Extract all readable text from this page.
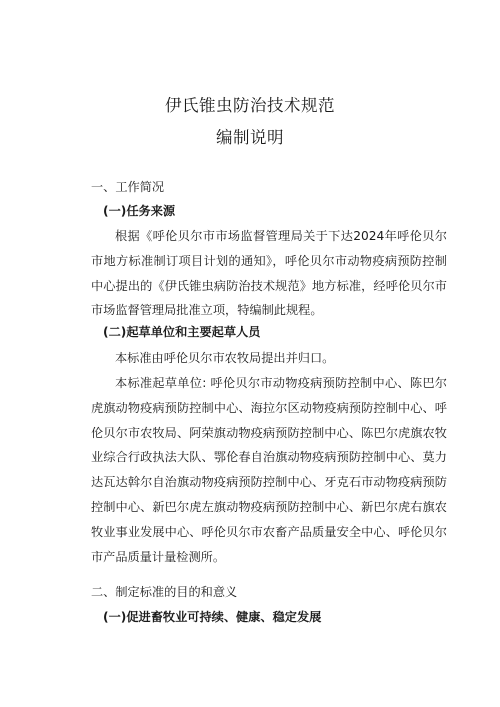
伊氏锥虫防治技术规范
编制说明

一、工作简况

(一)任务来源

根据《呼伦贝尔市市场监督管理局关于下达2024年呼伦贝尔市地方标准制订项目计划的通知》，呼伦贝尔市动物疫病预防控制中心提出的《伊氏锥虫病防治技术规范》地方标准，经呼伦贝尔市市场监督管理局批准立项，特编制此规程。

(二)起草单位和主要起草人员

本标准由呼伦贝尔市农牧局提出并归口。

本标准起草单位: 呼伦贝尔市动物疫病预防控制中心、陈巴尔虎旗动物疫病预防控制中心、海拉尔区动物疫病预防控制中心、呼伦贝尔市农牧局、阿荣旗动物疫病预防控制中心、陈巴尔虎旗农牧业综合行政执法大队、鄂伦春自治旗动物疫病预防控制中心、莫力达瓦达斡尔自治旗动物疫病预防控制中心、牙克石市动物疫病预防控制中心、新巴尔虎左旗动物疫病预防控制中心、新巴尔虎右旗农牧业事业发展中心、呼伦贝尔市农畜产品质量安全中心、呼伦贝尔市产品质量计量检测所。

二、制定标准的目的和意义

(一)促进畜牧业可持续、健康、稳定发展
